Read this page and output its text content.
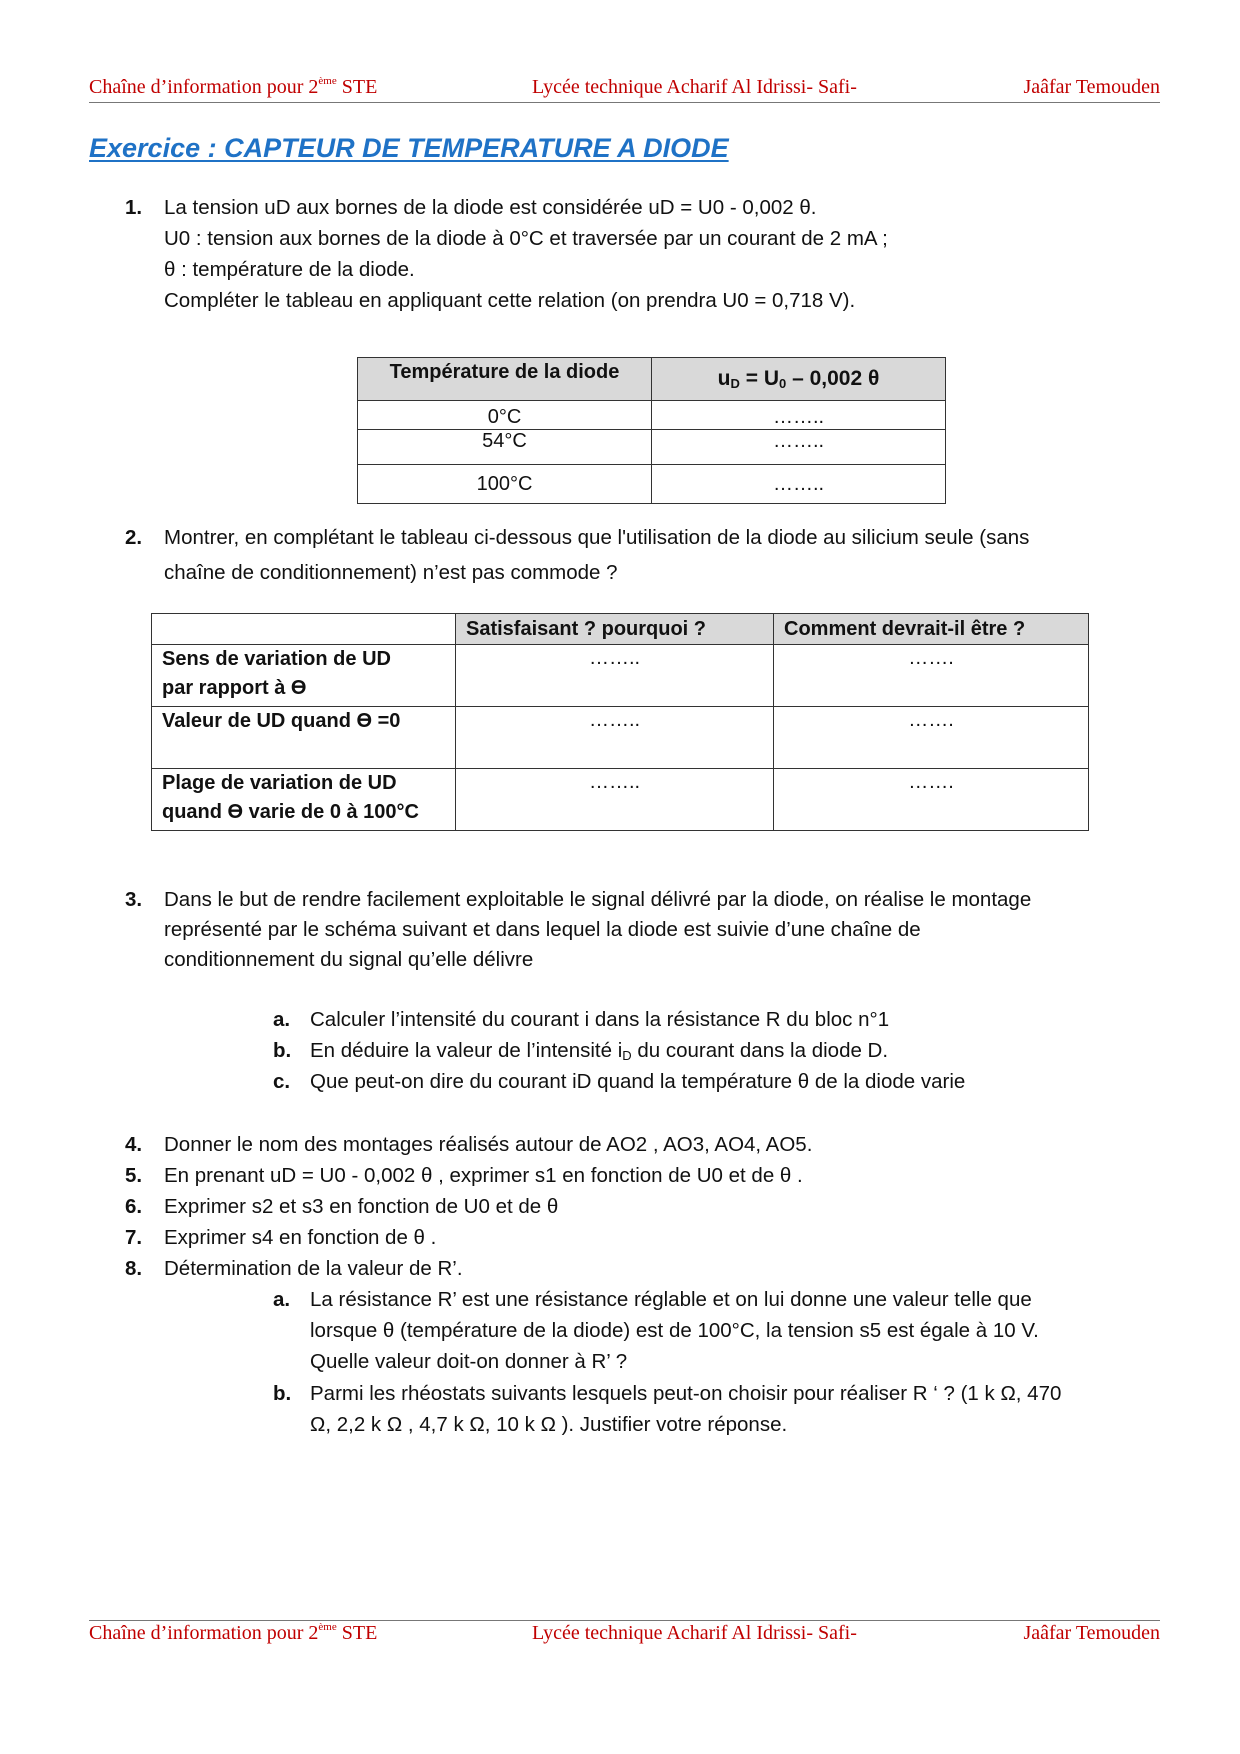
Chaîne d’information pour 2ème STE	Lycée technique Acharif Al Idrissi- Safi-	Jaâfar Temouden
Exercice : CAPTEUR DE TEMPERATURE A DIODE
1. La tension uD aux bornes de la diode est considérée uD = U0 - 0,002 θ.
U0 : tension aux bornes de la diode à 0°C et traversée par un courant de 2 mA ;
θ : température de la diode.
Compléter le tableau en appliquant cette relation (on prendra U0 = 0,718 V).
Température de la diode	$u_D = U_0 - 0,002$ θ
0°C	……..
54°C	……..
100°C	……..
2. Montrer, en complétant le tableau ci-dessous que l'utilisation de la diode au silicium seule (sans
chaîne de conditionnement) n’est pas commode ?
	Satisfaisant ? pourquoi ?	Comment devrait-il être ?

Sens de variation de UD
par rapport à Ɵ	……..	…….

Valeur de UD quand Ɵ =0	……..	…….

Plage de variation de UD
quand Ɵ varie de 0 à 100°C	……..	…….
3. Dans le but de rendre facilement exploitable le signal délivré par la diode, on réalise le montage
représenté par le schéma suivant et dans lequel la diode est suivie d’une chaîne de
conditionnement du signal qu’elle délivre
a. Calculer l’intensité du courant i dans la résistance R du bloc n°1
b. En déduire la valeur de l’intensité $i_D$ du courant dans la diode D.
c. Que peut-on dire du courant iD quand la température θ de la diode varie
4. Donner le nom des montages réalisés autour de AO2 , AO3, AO4, AO5.
5. En prenant uD = U0 - 0,002 θ , exprimer s1 en fonction de U0 et de θ .
6. Exprimer s2 et s3 en fonction de U0 et de θ
7. Exprimer s4 en fonction de θ .
8. Détermination de la valeur de R’.
a. La résistance R’ est une résistance réglable et on lui donne une valeur telle que
lorsque θ (température de la diode) est de 100°C, la tension s5 est égale à 10 V.
Quelle valeur doit-on donner à R’ ?
b. Parmi les rhéostats suivants lesquels peut-on choisir pour réaliser R ‘ ? (1 k Ω, 470
Ω, 2,2 k Ω , 4,7 k Ω, 10 k Ω ). Justifier votre réponse.
Chaîne d’information pour 2ème STE	Lycée technique Acharif Al Idrissi- Safi-	Jaâfar Temouden
